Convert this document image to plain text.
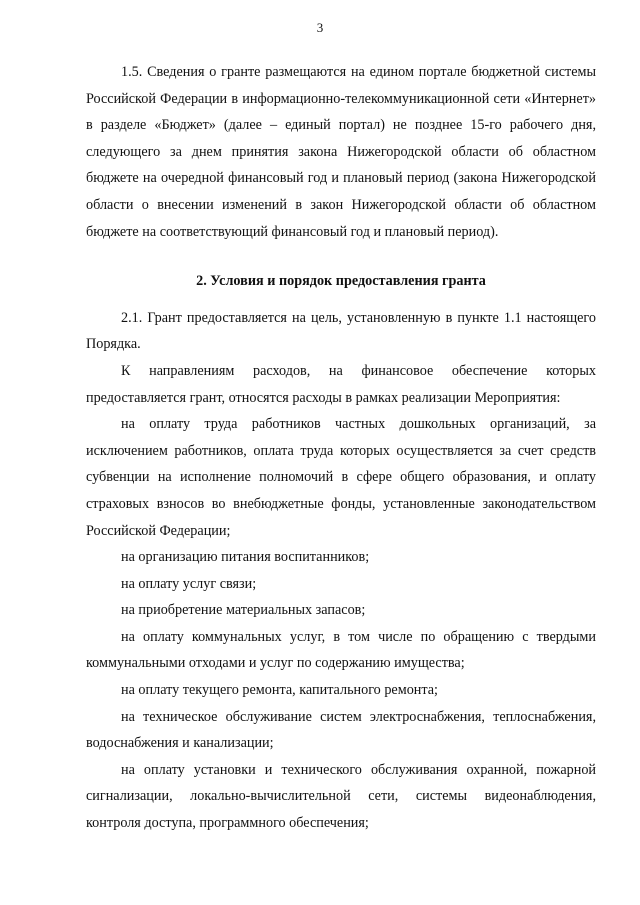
3

1.5. Сведения о гранте размещаются на едином портале бюджетной системы Российской Федерации в информационно-телекоммуникационной сети «Интернет» в разделе «Бюджет» (далее – единый портал) не позднее 15-го рабочего дня, следующего за днем принятия закона Нижегородской области об областном бюджете на очередной финансовый год и плановый период (закона Нижегородской области о внесении изменений в закон Нижегородской области об областном бюджете на соответствующий финансовый год и плановый период).

2. Условия и порядок предоставления гранта

2.1. Грант предоставляется на цель, установленную в пункте 1.1 настоящего Порядка.

К направлениям расходов, на финансовое обеспечение которых предоставляется грант, относятся расходы в рамках реализации Мероприятия:

на оплату труда работников частных дошкольных организаций, за исключением работников, оплата труда которых осуществляется за счет средств субвенции на исполнение полномочий в сфере общего образования, и оплату страховых взносов во внебюджетные фонды, установленные законодательством Российской Федерации;

на организацию питания воспитанников;

на оплату услуг связи;

на приобретение материальных запасов;

на оплату коммунальных услуг, в том числе по обращению с твердыми коммунальными отходами и услуг по содержанию имущества;

на оплату текущего ремонта, капитального ремонта;

на техническое обслуживание систем электроснабжения, теплоснабжения, водоснабжения и канализации;

на оплату установки и технического обслуживания охранной, пожарной сигнализации, локально-вычислительной сети, системы видеонаблюдения, контроля доступа, программного обеспечения;
